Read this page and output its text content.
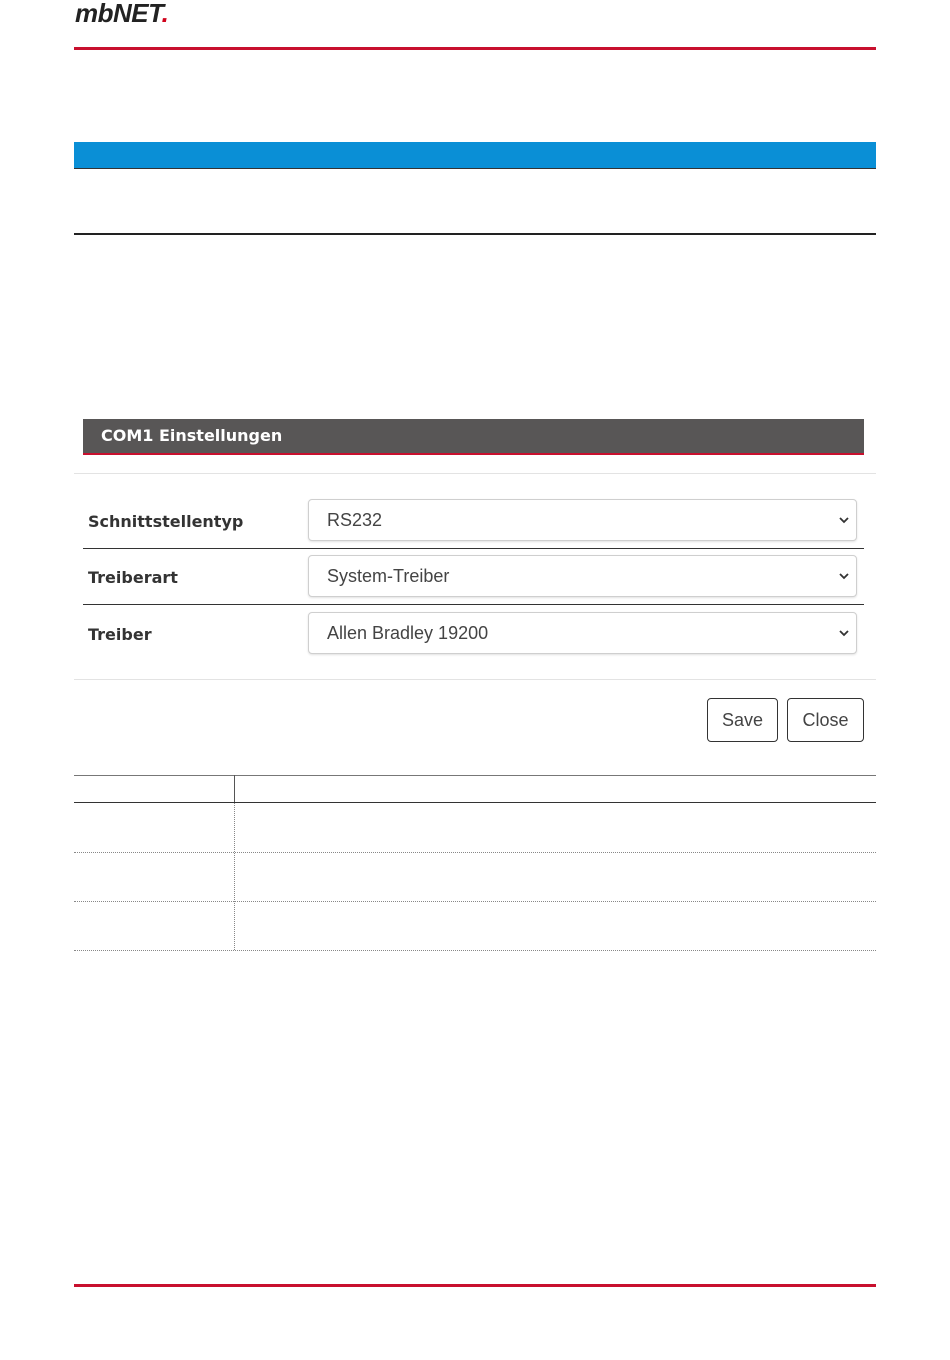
mbNET.
COM1 Einstellungen
Schnittstellentyp	RS232
Treiberart	System-Treiber
Treiber	Allen Bradley 19200
Save	Close
